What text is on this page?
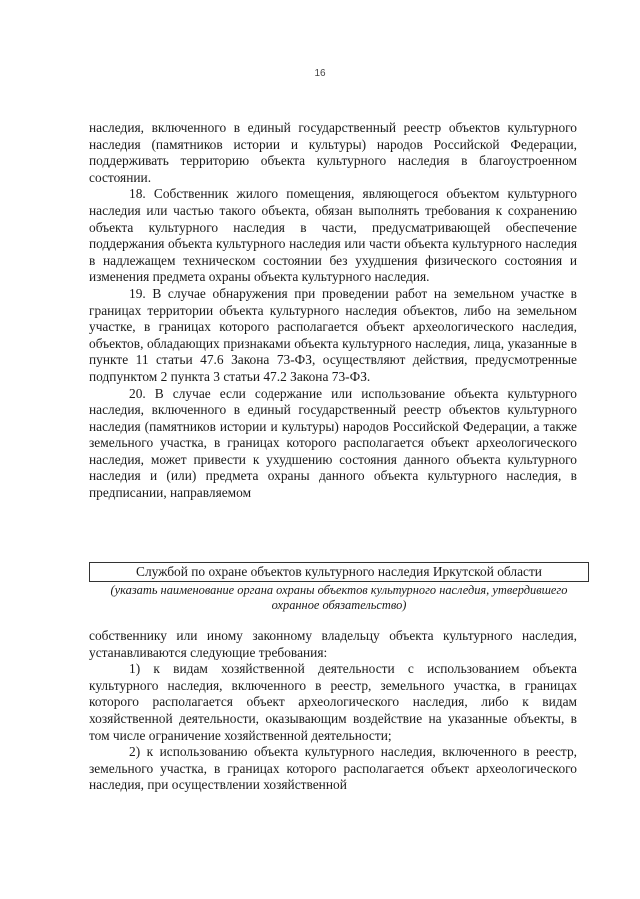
16

наследия, включенного в единый государственный реестр объектов культурного наследия (памятников истории и культуры) народов Российской Федерации, поддерживать территорию объекта культурного наследия в благоустроенном состоянии.

18. Собственник жилого помещения, являющегося объектом культурного наследия или частью такого объекта, обязан выполнять требования к сохранению объекта культурного наследия в части, предусматривающей обеспечение поддержания объекта культурного наследия или части объекта культурного наследия в надлежащем техническом состоянии без ухудшения физического состояния и изменения предмета охраны объекта культурного наследия.

19. В случае обнаружения при проведении работ на земельном участке в границах территории объекта культурного наследия объектов, либо на земельном участке, в границах которого располагается объект археологического наследия, объектов, обладающих признаками объекта культурного наследия, лица, указанные в пункте 11 статьи 47.6 Закона 73-ФЗ, осуществляют действия, предусмотренные подпунктом 2 пункта 3 статьи 47.2 Закона 73-ФЗ.

20. В случае если содержание или использование объекта культурного наследия, включенного в единый государственный реестр объектов культурного наследия (памятников истории и культуры) народов Российской Федерации, а также земельного участка, в границах которого располагается объект археологического наследия, может привести к ухудшению состояния данного объекта культурного наследия и (или) предмета охраны данного объекта культурного наследия, в предписании, направляемом

Службой по охране объектов культурного наследия Иркутской области
(указать наименование органа охраны объектов культурного наследия, утвердившего охранное обязательство)

собственнику или иному законному владельцу объекта культурного наследия, устанавливаются следующие требования:

1) к видам хозяйственной деятельности с использованием объекта культурного наследия, включенного в реестр, земельного участка, в границах которого располагается объект археологического наследия, либо к видам хозяйственной деятельности, оказывающим воздействие на указанные объекты, в том числе ограничение хозяйственной деятельности;

2) к использованию объекта культурного наследия, включенного в реестр, земельного участка, в границах которого располагается объект археологического наследия, при осуществлении хозяйственной
